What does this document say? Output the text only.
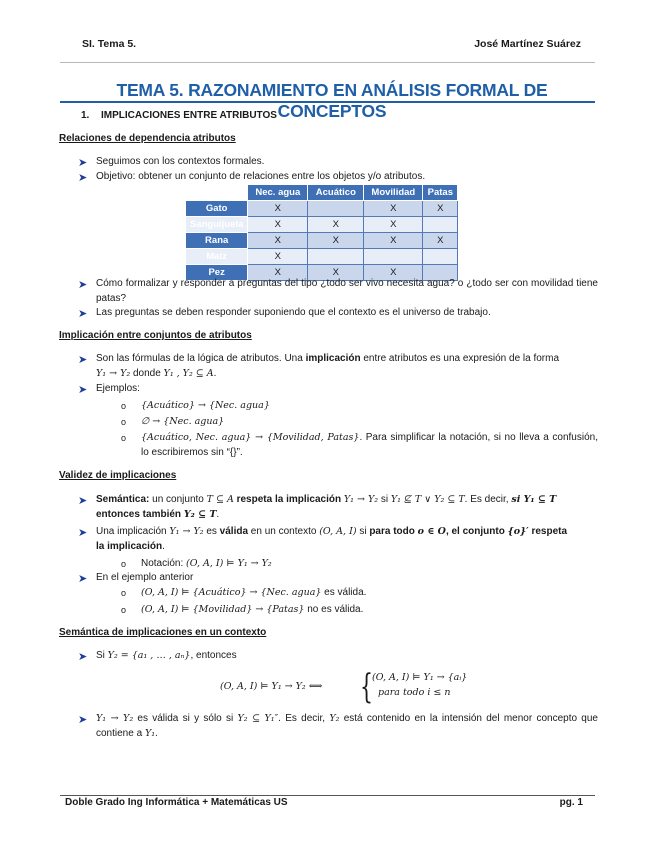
SI. Tema 5.	José Martínez Suárez
TEMA 5. RAZONAMIENTO EN ANÁLISIS FORMAL DE CONCEPTOS
1. IMPLICACIONES ENTRE ATRIBUTOS
Relaciones de dependencia atributos
➤ Seguimos con los contextos formales.
➤ Objetivo: obtener un conjunto de relaciones entre los objetos y/o atributos.
	Nec. agua	Acuático	Movilidad	Patas
Gato	X		X	X
Sanguijuela	X	X	X	
Rana	X	X	X	X
Maíz	X			
Pez	X	X	X	
➤ Cómo formalizar y responder a preguntas del tipo ¿todo ser vivo necesita agua? o ¿todo ser con movilidad tiene patas?
➤ Las preguntas se deben responder suponiendo que el contexto es el universo de trabajo.
Implicación entre conjuntos de atributos
➤ Son las fórmulas de la lógica de atributos. Una implicación entre atributos es una expresión de la forma
Y₁ → Y₂ donde Y₁ , Y₂ ⊆ A.
➤ Ejemplos:
o {Acuático} → {Nec. agua}
o ∅ → {Nec. agua}
o {Acuático, Nec. agua} → {Movilidad, Patas}. Para simplificar la notación, si no lleva a confusión, lo escribiremos sin “{}”.
Validez de implicaciones
➤ Semántica: un conjunto T ⊆ A respeta la implicación Y₁ → Y₂ si Y₁ ⊈ T ∨ Y₂ ⊆ T. Es decir, si Y₁ ⊆ T
entonces también Y₂ ⊆ T.
➤ Una implicación Y₁ → Y₂ es válida en un contexto (O, A, I) si para todo o ∈ O, el conjunto {o}′ respeta
la implicación.
o Notación: (O, A, I) ⊨ Y₁ → Y₂
➤ En el ejemplo anterior
o (O, A, I) ⊨ {Acuático} → {Nec. agua} es válida.
o (O, A, I) ⊨ {Movilidad} → {Patas} no es válida.
Semántica de implicaciones en un contexto
➤ Si Y₂ = {a₁ , … , aₙ}, entonces
(O, A, I) ⊨ Y₁ → Y₂ ⟺ { (O, A, I) ⊨ Y₁ → {aᵢ}
para todo i ≤ n
➤ Y₁ → Y₂ es válida si y sólo si Y₂ ⊆ Y₁″. Es decir, Y₂ está contenido en la intensión del menor concepto que contiene a Y₁.
Doble Grado Ing Informática + Matemáticas US	pg. 1
